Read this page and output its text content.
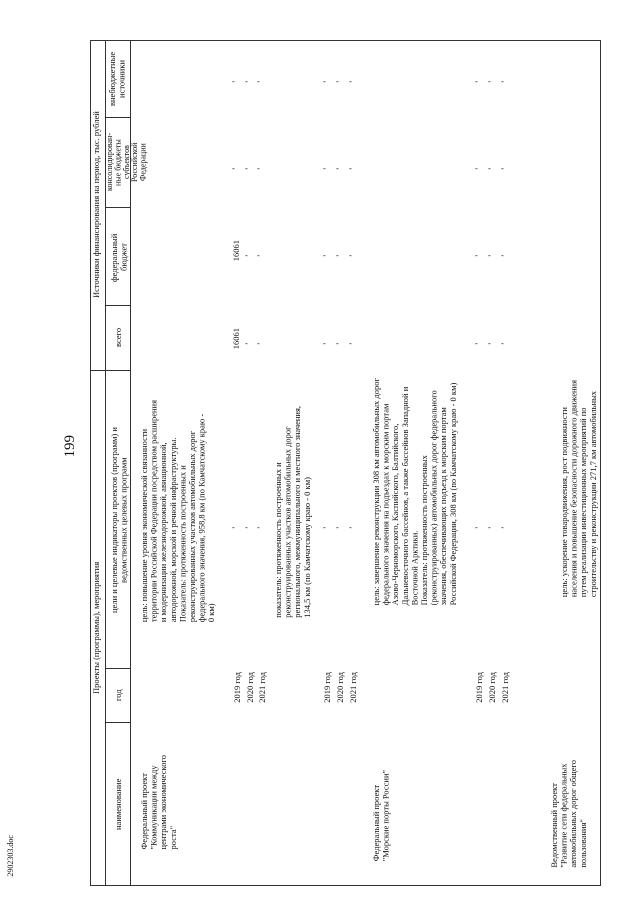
199
2902303.doc
Источники финансирования на период, тыс. рублей
Проекты (программы), мероприятия
внебюджетные
источники
консолидирован-
ные бюджеты
субъектов
Российской
Федерации
федеральный
бюджет
всего
цели и целевые индикаторы проектов (программ) и
ведомственных целевых программ
год
наименование Федеральный проект
"Коммуникации между
центрами экономического
роста"
цель: повышение уровня экономической связанности
территории Российской Федерации посредством расширения
и модернизации железнодорожной, авиационной,
автодорожной, морской и речной инфраструктуры.
Показатель: протяженность построенных и
реконструированных участков автомобильных дорог
федерального значения, 958,8 км (по Камчатскому краю -
0 км)
2019 год 2020 год 2021 год
- - -
16061 - -
16061 - -
- - -
- - -
показатель: протяженность построенных и
реконструированных участков автомобильных дорог
регионального, межмуниципального и местного значения,
134,5 км (по Камчатскому краю - 0 км)
2019 год 2020 год 2021 год
- - -
- - -
- - -
- - -
- - -
Федеральный проект
"Морские порты России"
цель: завершение реконструкции 308 км автомобильных дорог
федерального значения на подъездах к морским портам
Азово-Черноморского, Каспийского, Балтийского,
Дальневосточного бассейнов, а также бассейнов Западной и
Восточной Арктики.
Показатель: протяженность построенных
(реконструированных) автомобильных дорог федерального
значения, обеспечивающих подъезд к морским портам
Российской Федерации, 308 км (по Камчатскому краю - 0 км)
2019 год 2020 год 2021 год
- - -
- - -
- - -
- - -
- - -
Ведомственный проект
"Развитие сети федеральных
автомобильных дорог общего
пользования"
цель: ускорение товародвижения, рост подвижности
населения и повышение безопасности дорожного движения
путем реализации инвестиционных мероприятий по
строительству и реконструкции 271,7 км автомобильных
